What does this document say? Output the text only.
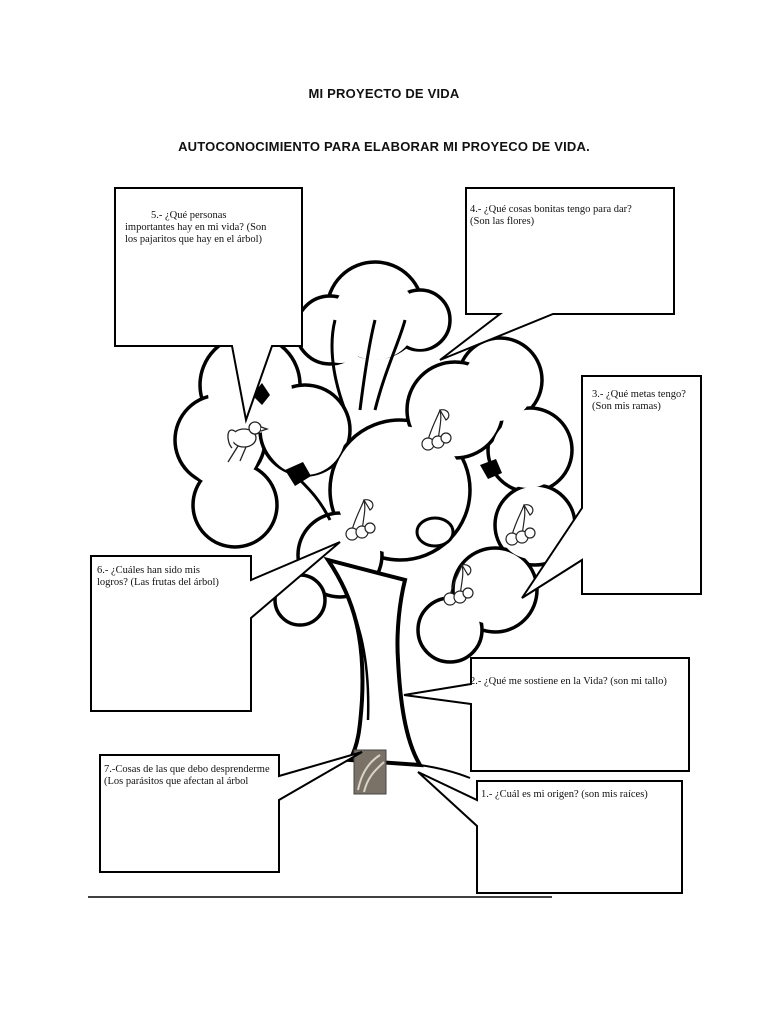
MI PROYECTO DE VIDA
AUTOCONOCIMIENTO PARA ELABORAR MI PROYECO DE VIDA.
5.- ¿Qué personas
importantes hay en mi vida? (Son
los pajaritos que hay en el árbol)
4.- ¿Qué cosas bonitas tengo para dar?
(Son las flores)
3.- ¿Qué metas tengo?
(Son mis ramas)
6.- ¿Cuáles han sido mis
logros? (Las frutas del árbol)
2.- ¿Qué me sostiene en la Vida? (son mi tallo)
7.-Cosas de las que debo desprenderme
(Los parásitos que afectan al árbol
1.- ¿Cuál es mi origen? (son mis raíces)
